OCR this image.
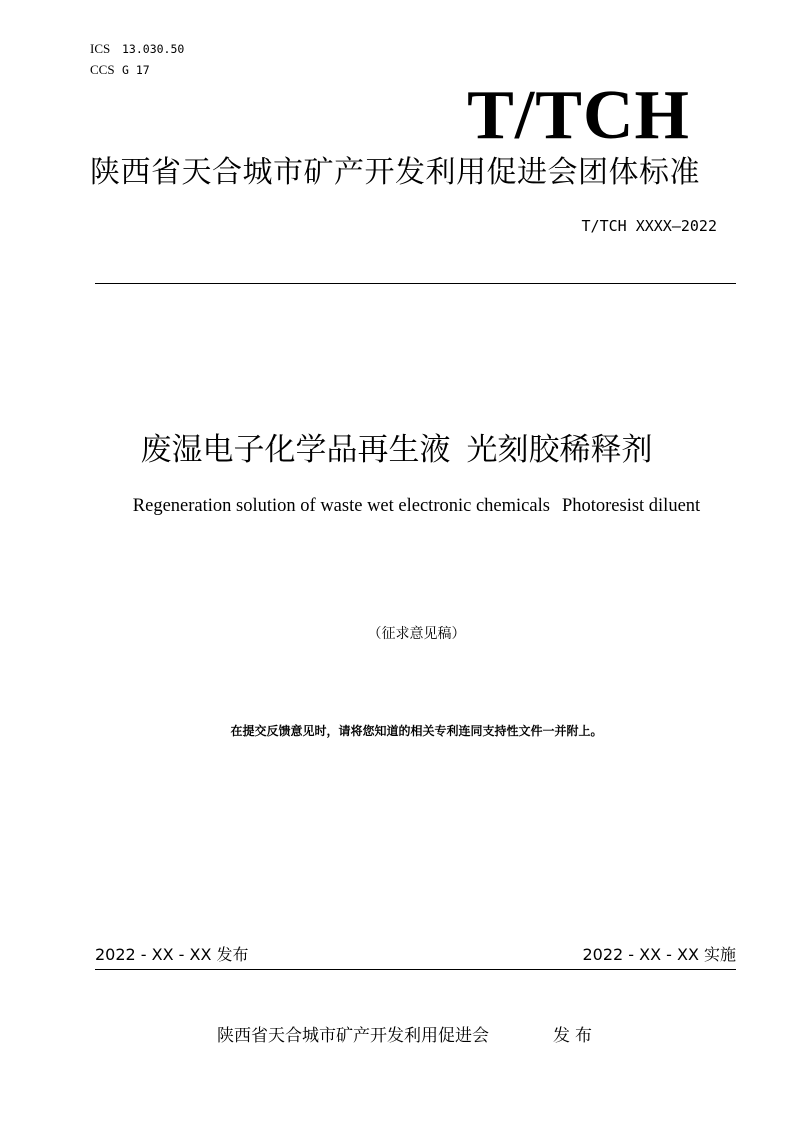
ICS 13.030.50
CCS G 17
T/TCH
陕西省天合城市矿产开发利用促进会团体标准
T/TCH XXXX—2022
废湿电子化学品再生液 光刻胶稀释剂
Regeneration solution of waste wet electronic chemicals Photoresist diluent
（征求意见稿）
在提交反馈意见时，请将您知道的相关专利连同支持性文件一并附上。
2022 - XX - XX 发布	2022 - XX - XX 实施
陕西省天合城市矿产开发利用促进会	发布
